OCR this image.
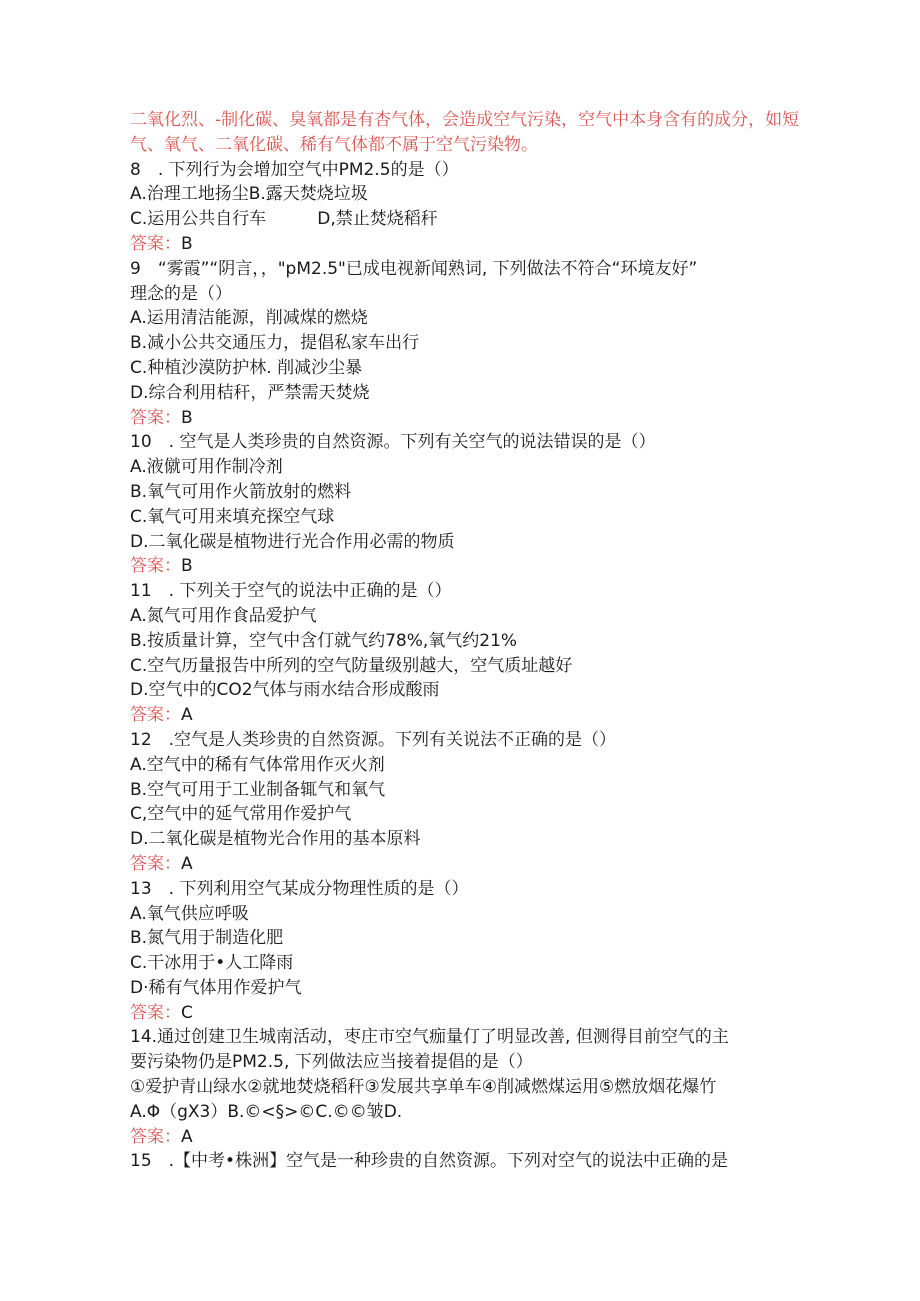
二氧化烈、-制化碳、臭氧都是有杏气体，会造成空气污染，空气中本身含有的成分，如短气、氧气、二氧化碳、稀有气体都不属于空气污染物。
8　. 下列行为会增加空气中PM2.5的是（）
A.治理工地扬尘B.露天焚烧垃圾
C.运用公共自行车　　　D,禁止焚烧稻秆
答案：B
9　“雾霞”“阴言，，"pM2.5"已成电视新闻熟词, 下列做法不符合“环境友好”
理念的是（）
A.运用清洁能源，削减煤的燃烧
B.减小公共交通压力，提倡私家车出行
C.种植沙漠防护林. 削减沙尘暴
D.综合利用桔秆，严禁需天焚烧
答案：B
10　. 空气是人类珍贵的自然资源。下列有关空气的说法错误的是（）
A.液僦可用作制冷剂
B.氧气可用作火箭放射的燃料
C.氧气可用来填充探空气球
D.二氧化碳是植物进行光合作用必需的物质
答案：B
11　. 下列关于空气的说法中正确的是（）
A.氮气可用作食品爱护气
B.按质量计算，空气中含仃就气约78%,氧气约21%
C.空气历量报告中所列的空气防量级别越大，空气质址越好
D.空气中的CO2气体与雨水结合形成酸雨
答案：A
12　.空气是人类珍贵的自然资源。下列有关说法不正确的是（）
A.空气中的稀有气体常用作灭火剂
B.空气可用于工业制备辄气和氧气
C,空气中的延气常用作爱护气
D.二氧化碳是植物光合作用的基本原料
答案：A
13　. 下列利用空气某成分物理性质的是（）
A.氧气供应呼吸
B.氮气用于制造化肥
C.干冰用于•人工降雨
D·稀有气体用作爱护气
答案：C
14.通过创建卫生城南活动，枣庄市空气痂量仃了明显改善, 但测得目前空气的主
要污染物仍是PM2.5, 下列做法应当接着提倡的是（）
①爱护青山绿水②就地焚烧稻秆③发展共享单车④削减燃煤运用⑤燃放烟花爆竹
A.Φ（gX3）B.©<§>©C.©©皱D.
答案：A
15　.【中考•株洲】空气是一种珍贵的自然资源。下列对空气的说法中正确的是
